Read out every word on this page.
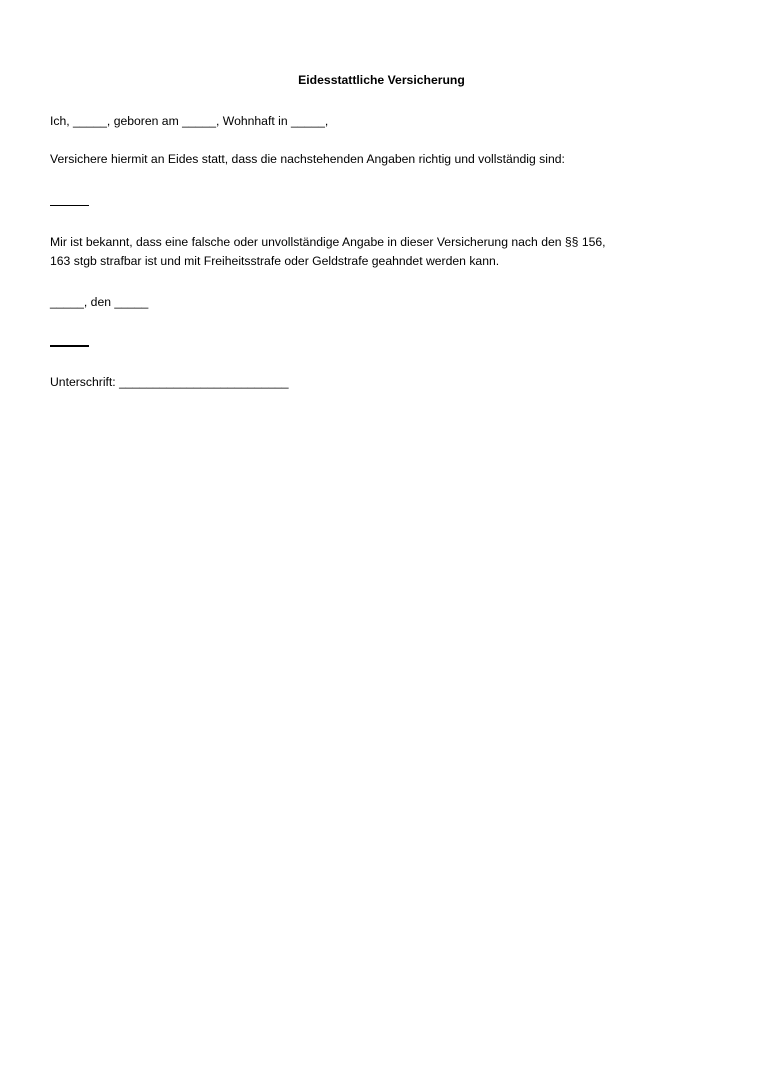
Eidesstattliche Versicherung
Ich, _____, geboren am _____, Wohnhaft in _____,
Versichere hiermit an Eides statt, dass die nachstehenden Angaben richtig und vollständig sind:
Mir ist bekannt, dass eine falsche oder unvollständige Angabe in dieser Versicherung nach den §§ 156,
163 stgb strafbar ist und mit Freiheitsstrafe oder Geldstrafe geahndet werden kann.
_____, den _____
Unterschrift: _________________________
